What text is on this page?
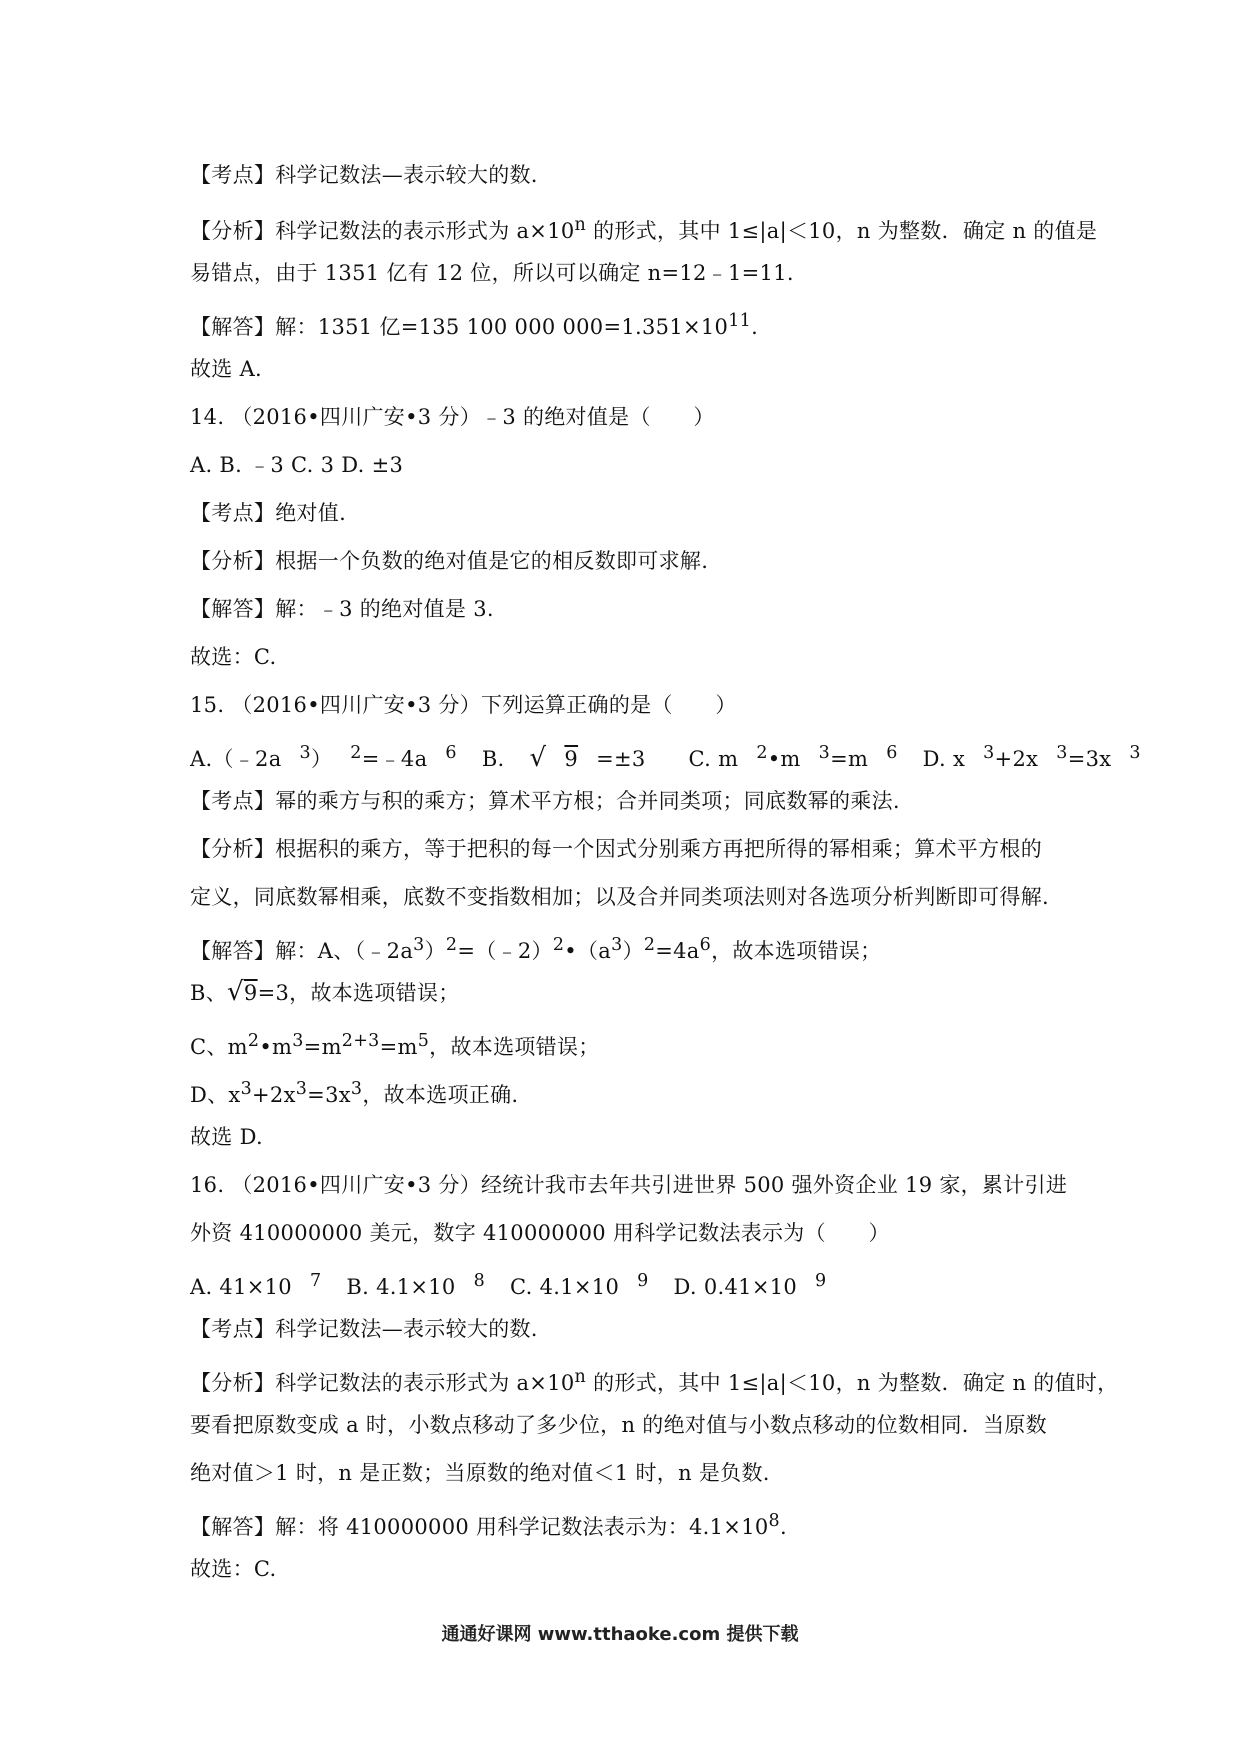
【考点】科学记数法—表示较大的数.
【分析】科学记数法的表示形式为 $a\times 10^n$ 的形式，其中 1≤|a|＜10，n 为整数．确定 n 的值是
易错点，由于 1351 亿有 12 位，所以可以确定 n=12﹣1=11.
【解答】解：1351 亿=135 100 000 $000=1.351\times 10^{11}$.
故选 A.
14. （2016•四川广安•3 分）﹣3 的绝对值是（　　）
A. B. ﹣3 C. 3 D. ±3
【考点】绝对值.
【分析】根据一个负数的绝对值是它的相反数即可求解.
【解答】解：﹣3 的绝对值是 3.
故选：C.
15. （2016•四川广安•3 分）下列运算正确的是（　　）
A.（﹣2a $^3$） $^2$=﹣4a $^6$ B. √ 9 =±3 C. m $^2$•m $^3$=m $^6$ D. x $^3$+2x $^3$=3x $^3$
【考点】幂的乘方与积的乘方；算术平方根；合并同类项；同底数幂的乘法.
【分析】根据积的乘方，等于把积的每一个因式分别乘方再把所得的幂相乘；算术平方根的
定义，同底数幂相乘，底数不变指数相加；以及合并同类项法则对各选项分析判断即可得解.
【解答】解：A、$(﹣2a^3)^2=(﹣2)^2•(a^3)^2=4a^6$，故本选项错误；
B、√9=3，故本选项错误；
C、$m^2•m^3=m^{2+3}=m^5$，故本选项错误；
D、$x^3+2x^3=3x^3$，故本选项正确.
故选 D.
16. （2016•四川广安•3 分）经统计我市去年共引进世界 500 强外资企业 19 家，累计引进
外资 410000000 美元，数字 410000000 用科学记数法表示为（　　）
A. 41×10 $^7$ B. 4.1×10 $^8$ C. 4.1×10 $^9$ D. 0.41×10 $^9$
【考点】科学记数法—表示较大的数.
【分析】科学记数法的表示形式为 $a\times 10^n$ 的形式，其中 1≤|a|＜10，n 为整数．确定 n 的值时，
要看把原数变成 a 时，小数点移动了多少位，n 的绝对值与小数点移动的位数相同．当原数
绝对值＞1 时，n 是正数；当原数的绝对值＜1 时，n 是负数.
【解答】解：将 410000000 用科学记数法表示为：$4.1\times 10^8$.
故选：C.
通通好课网 www.tthaoke.com 提供下载
